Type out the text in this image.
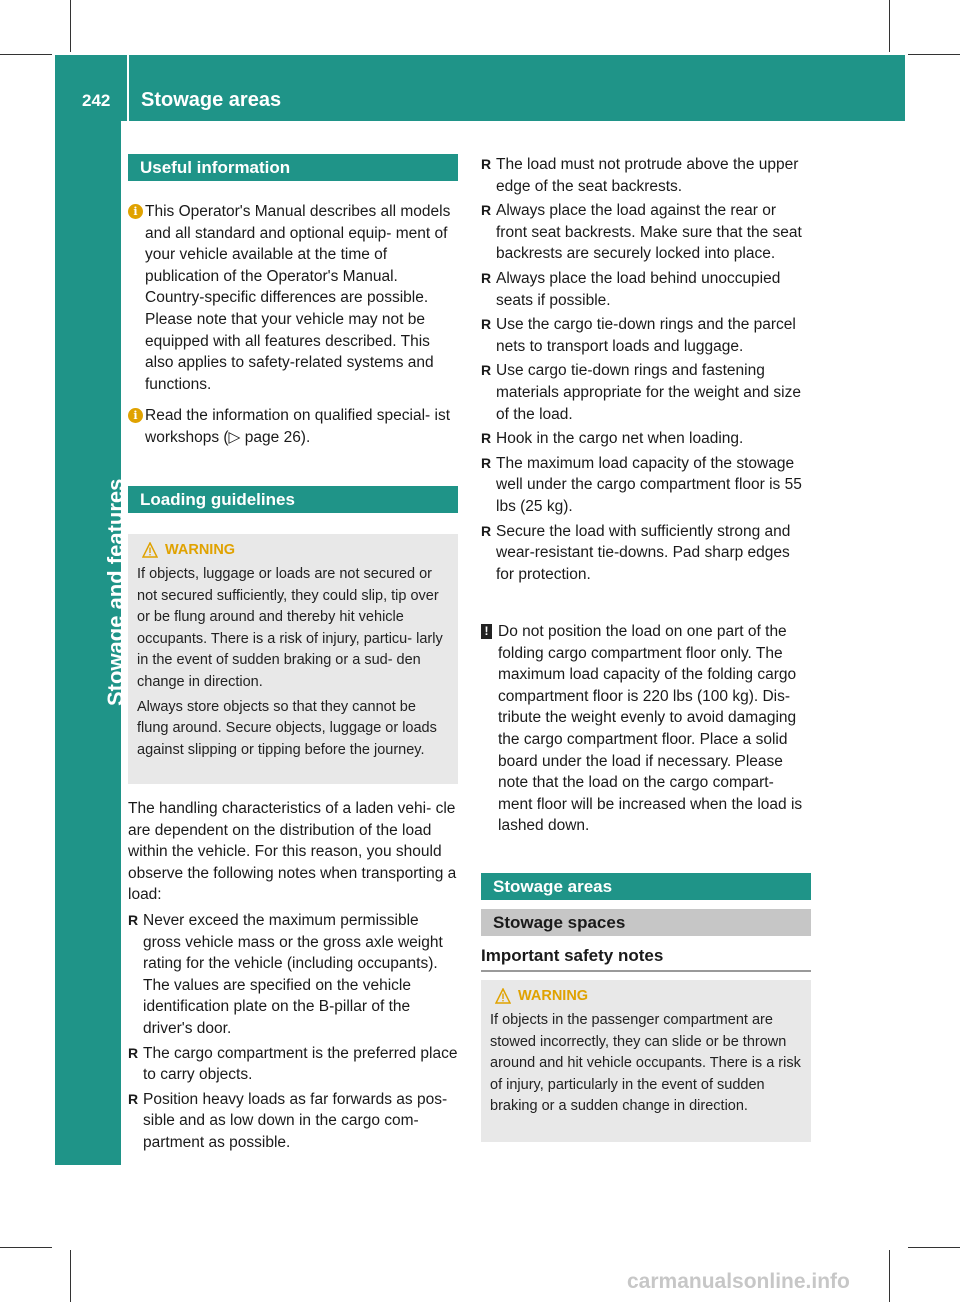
242 Stowage areas
Stowage and features
Useful information
i This Operator's Manual describes all models and all standard and optional equip- ment of your vehicle available at the time of publication of the Operator's Manual. Country-specific differences are possible. Please note that your vehicle may not be equipped with all features described. This also applies to safety-related systems and functions.

i Read the information on qualified special- ist workshops (▷ page 26).

Loading guidelines
WARNING

If objects, luggage or loads are not secured or not secured sufficiently, they could slip, tip over or be flung around and thereby hit vehicle occupants. There is a risk of injury, particu- larly in the event of sudden braking or a sud- den change in direction.

Always store objects so that they cannot be flung around. Secure objects, luggage or loads against slipping or tipping before the journey.

The handling characteristics of a laden vehi- cle are dependent on the distribution of the load within the vehicle. For this reason, you should observe the following notes when transporting a load:

R Never exceed the maximum permissible gross vehicle mass or the gross axle weight rating for the vehicle (including occupants). The values are specified on the vehicle identification plate on the B-pillar of the driver's door.
R The cargo compartment is the preferred place to carry objects.
R Position heavy loads as far forwards as pos- sible and as low down in the cargo com- partment as possible.
R The load must not protrude above the upper edge of the seat backrests.
R Always place the load against the rear or front seat backrests. Make sure that the seat backrests are securely locked into place.
R Always place the load behind unoccupied seats if possible.
R Use the cargo tie-down rings and the parcel nets to transport loads and luggage.
R Use cargo tie-down rings and fastening materials appropriate for the weight and size of the load.
R Hook in the cargo net when loading.
R The maximum load capacity of the stowage well under the cargo compartment floor is 55 lbs (25 kg).
R Secure the load with sufficiently strong and wear-resistant tie-downs. Pad sharp edges for protection.
! Do not position the load on one part of the folding cargo compartment floor only. The maximum load capacity of the folding cargo compartment floor is 220 lbs (100 kg). Dis- tribute the weight evenly to avoid damaging the cargo compartment floor. Place a solid board under the load if necessary. Please note that the load on the cargo compart- ment floor will be increased when the load is lashed down.

Stowage areas
Stowage spaces
Important safety notes
WARNING

If objects in the passenger compartment are stowed incorrectly, they can slide or be thrown around and hit vehicle occupants. There is a risk of injury, particularly in the event of sudden braking or a sudden change in direction.

carmanualsonline.info
